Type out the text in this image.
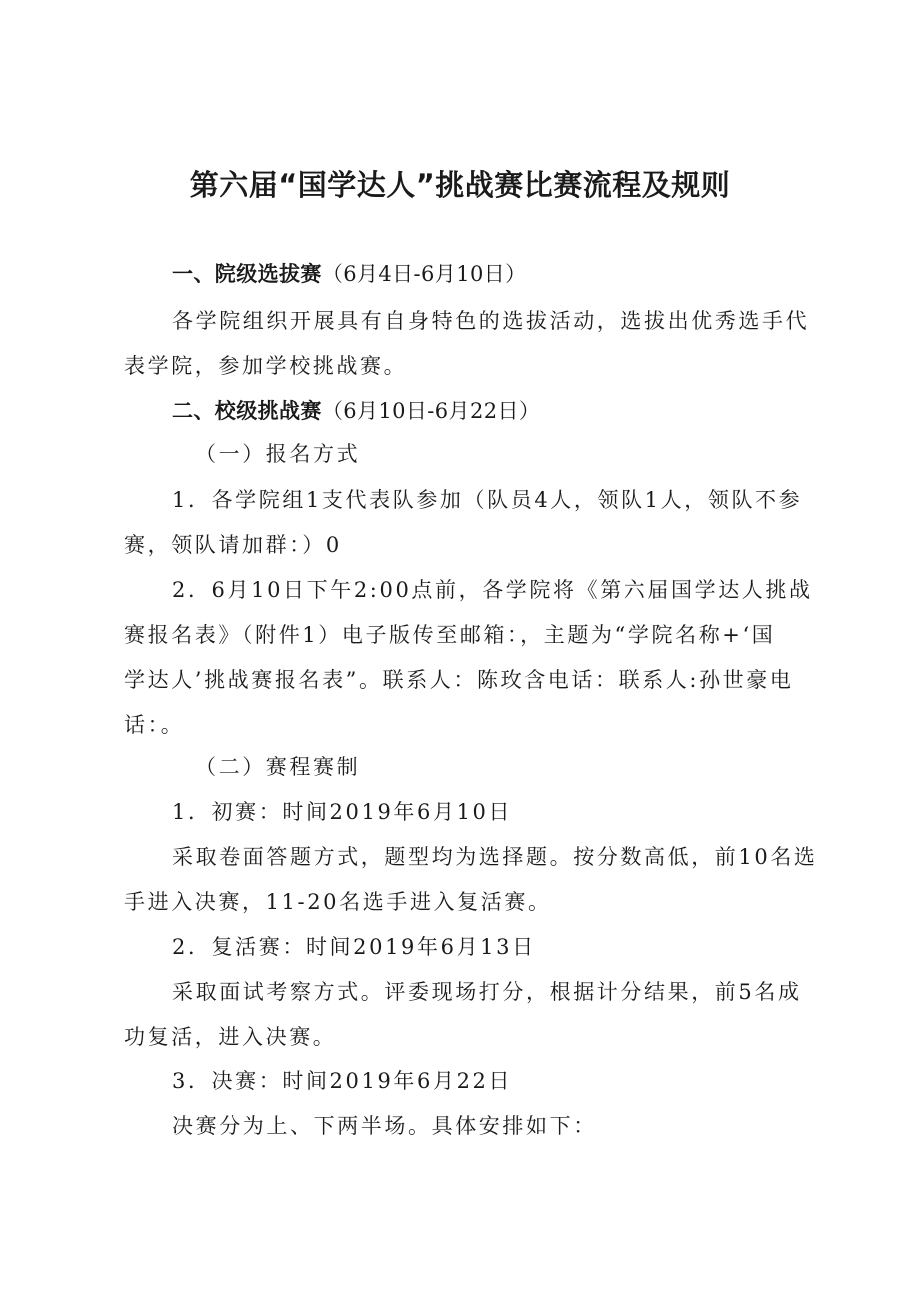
第六届“国学达人”挑战赛比赛流程及规则
一、院级选拔赛（6月4日-6月10日）

各学院组织开展具有自身特色的选拔活动，选拔出优秀选手代

表学院，参加学校挑战赛。

二、校级挑战赛（6月10日-6月22日）

（一）报名方式

1．各学院组1支代表队参加（队员4人，领队1人，领队不参

赛，领队请加群：）0

2．6月10日下午2:00点前，各学院将《第六届国学达人挑战

赛报名表》（附件1）电子版传至邮箱：，主题为“学院名称+‘国

学达人’挑战赛报名表”。联系人：陈玫含电话：联系人:孙世豪电

话：。

（二）赛程赛制

1．初赛：时间2019年6月10日

采取卷面答题方式，题型均为选择题。按分数高低，前10名选

手进入决赛，11-20名选手进入复活赛。

2．复活赛：时间2019年6月13日

采取面试考察方式。评委现场打分，根据计分结果，前5名成

功复活，进入决赛。

3．决赛：时间2019年6月22日

决赛分为上、下两半场。具体安排如下：
